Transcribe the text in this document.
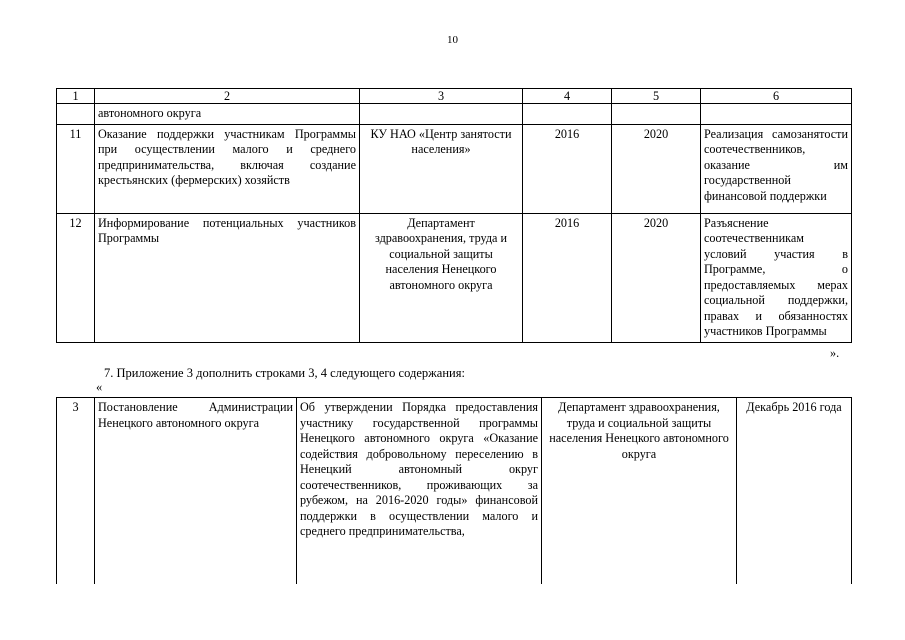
10
1	2	3	4	5	6
	автономного округа				
11	Оказание поддержки участникам Программы при осуществлении малого и среднего предпринимательства, включая создание крестьянских (фермерских) хозяйств	КУ НАО «Центр занятости населения»	2016	2020	Реализация самозанятости соотечественников, оказание им государственной финансовой поддержки
12	Информирование потенциальных участников Программы	Департамент здравоохранения, труда и социальной защиты населения Ненецкого автономного округа	2016	2020	Разъяснение соотечественникам условий участия в Программе, о предоставляемых мерах социальной поддержки, правах и обязанностях участников Программы
».
7. Приложение 3 дополнить строками 3, 4 следующего содержания:
«
3	Постановление Администрации Ненецкого автономного округа	Об утверждении Порядка предоставления участнику государственной программы Ненецкого автономного округа «Оказание содействия добровольному переселению в Ненецкий автономный округ соотечественников, проживающих за рубежом, на 2016-2020 годы» финансовой поддержки в осуществлении малого и среднего предпринимательства,	Департамент здравоохранения, труда и социальной защиты населения Ненецкого автономного округа	Декабрь 2016 года
